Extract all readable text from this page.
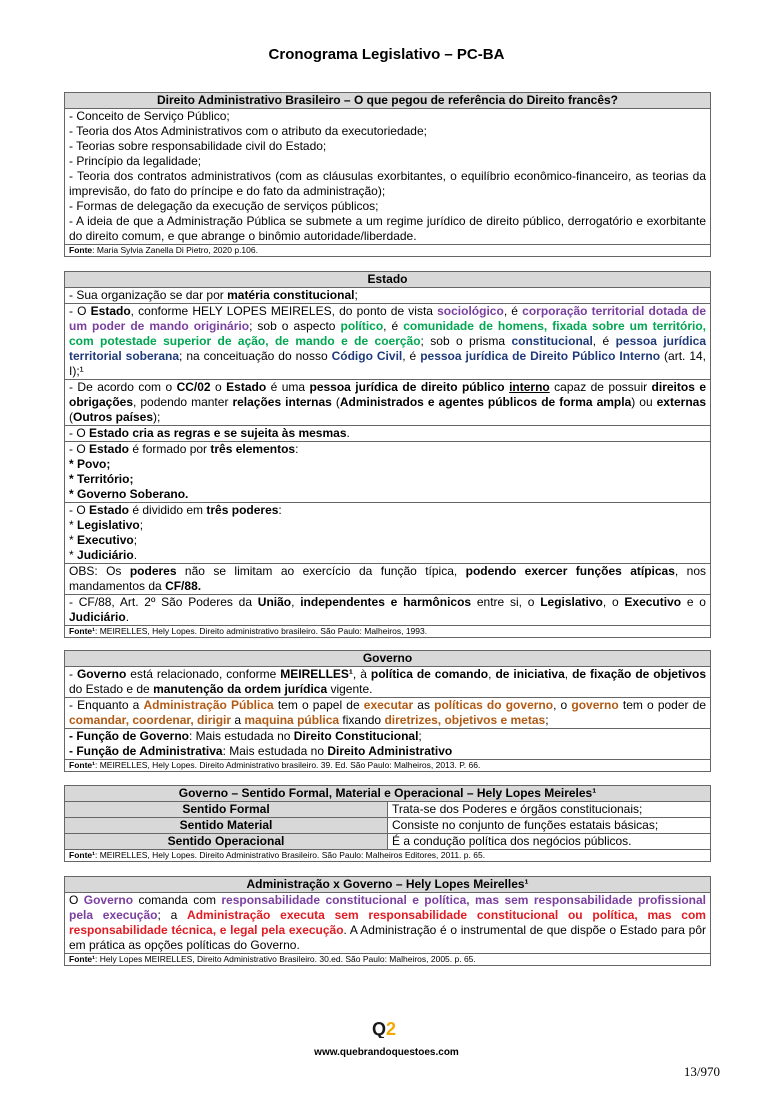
Cronograma Legislativo – PC-BA
Direito Administrativo Brasileiro – O que pegou de referência do Direito francês?

- Conceito de Serviço Público;
- Teoria dos Atos Administrativos com o atributo da executoriedade;
- Teorias sobre responsabilidade civil do Estado;
- Princípio da legalidade;
- Teoria dos contratos administrativos (com as cláusulas exorbitantes, o equilíbrio econômico-financeiro, as teorias da imprevisão, do fato do príncipe e do fato da administração);
- Formas de delegação da execução de serviços públicos;
- A ideia de que a Administração Pública se submete a um regime jurídico de direito público, derrogatório e exorbitante do direito comum, e que abrange o binômio autoridade/liberdade.

Fonte: Maria Sylvia Zanella Di Pietro, 2020 p.106.
Estado
- Sua organização se dar por matéria constitucional;
- O Estado, conforme HELY LOPES MEIRELES, do ponto de vista sociológico, é corporação territorial dotada de um poder de mando originário; sob o aspecto político, é comunidade de homens, fixada sobre um território, com potestade superior de ação, de mando e de coerção; sob o prisma constitucional, é pessoa jurídica territorial soberana; na conceituação do nosso Código Civil, é pessoa jurídica de Direito Público Interno (art. 14, I);¹
- De acordo com o CC/02 o Estado é uma pessoa jurídica de direito público interno capaz de possuir direitos e obrigações, podendo manter relações internas (Administrados e agentes públicos de forma ampla) ou externas (Outros países);
- O Estado cria as regras e se sujeita às mesmas.

- O Estado é formado por três elementos:
* Povo;
* Território;
* Governo Soberano.

- O Estado é dividido em três poderes:
* Legislativo;
* Executivo;
* Judiciário.

OBS: Os poderes não se limitam ao exercício da função típica, podendo exercer funções atípicas, nos mandamentos da CF/88.
- CF/88, Art. 2º São Poderes da União, independentes e harmônicos entre si, o Legislativo, o Executivo e o Judiciário.
Fonte¹: MEIRELLES, Hely Lopes. Direito administrativo brasileiro. São Paulo: Malheiros, 1993.
Governo
- Governo está relacionado, conforme MEIRELLES¹, à política de comando, de iniciativa, de fixação de objetivos do Estado e de manutenção da ordem jurídica vigente.
- Enquanto a Administração Pública tem o papel de executar as políticas do governo, o governo tem o poder de comandar, coordenar, dirigir a maquina pública fixando diretrizes, objetivos e metas;

- Função de Governo: Mais estudada no Direito Constitucional;
- Função de Administrativa: Mais estudada no Direito Administrativo

Fonte¹: MEIRELLES, Hely Lopes. Direito Administrativo brasileiro. 39. Ed. São Paulo: Malheiros, 2013. P. 66.
Governo – Sentido Formal, Material e Operacional – Hely Lopes Meireles¹	
Sentido Formal	Trata-se dos Poderes e órgãos constitucionais;
Sentido Material	Consiste no conjunto de funções estatais básicas;
Sentido Operacional	É a condução política dos negócios públicos.
Fonte¹: MEIRELLES, Hely Lopes. Direito Administrativo Brasileiro. São Paulo: Malheiros Editores, 2011. p. 65.	
Administração x Governo – Hely Lopes Meirelles¹
O Governo comanda com responsabilidade constitucional e política, mas sem responsabilidade profissional pela execução; a Administração executa sem responsabilidade constitucional ou política, mas com responsabilidade técnica, e legal pela execução. A Administração é o instrumental de que dispõe o Estado para pôr em prática as opções políticas do Governo.
Fonte¹: Hely Lopes MEIRELLES, Direito Administrativo Brasileiro. 30.ed. São Paulo: Malheiros, 2005. p. 65.
Q 2
www.quebrandoquestoes.com
13/970
